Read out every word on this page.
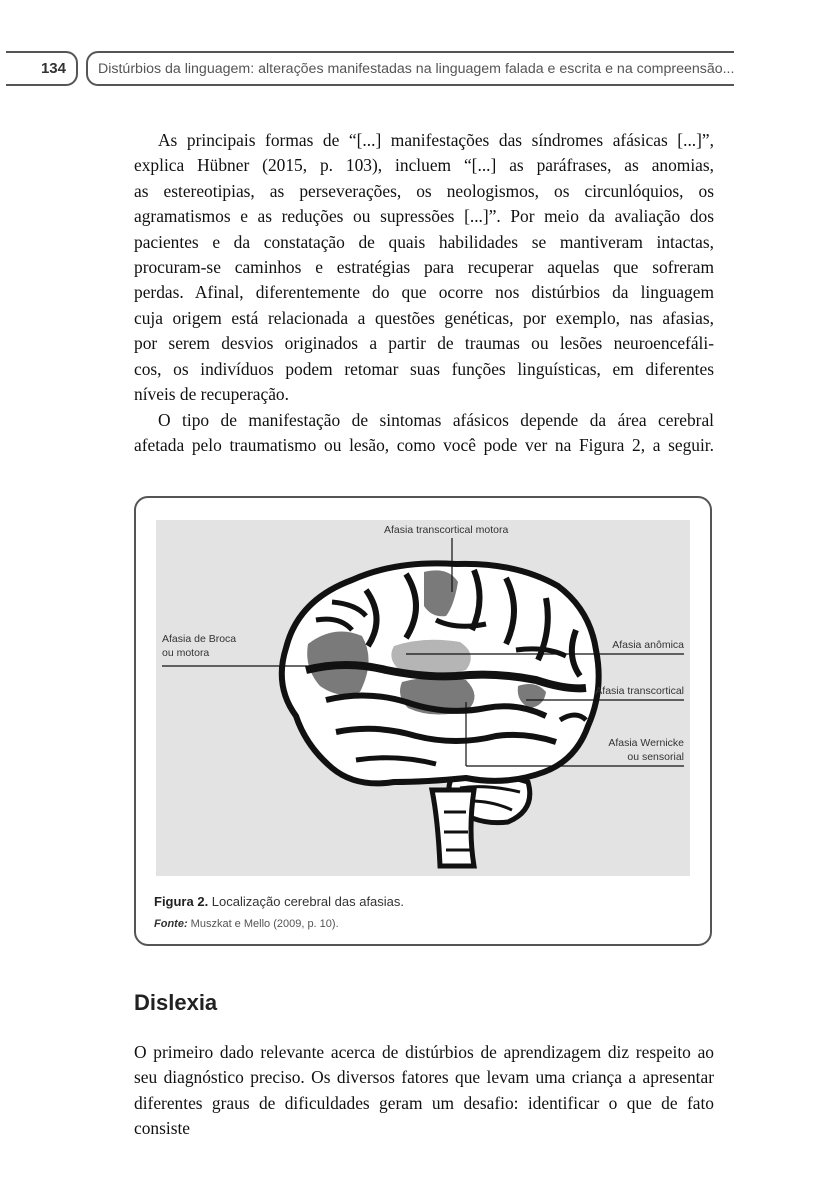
134	Distúrbios da linguagem: alterações manifestadas na linguagem falada e escrita e na compreensão...
As principais formas de “[...] manifestações das síndromes afásicas [...]”,
explica Hübner (2015, p. 103), incluem “[...] as paráfrases, as anomias,
as estereotipias, as perseverações, os neologismos, os circunlóquios, os
agramatismos e as reduções ou supressões [...]”. Por meio da avaliação dos
pacientes e da constatação de quais habilidades se mantiveram intactas,
procuram-se caminhos e estratégias para recuperar aquelas que sofreram
perdas. Afinal, diferentemente do que ocorre nos distúrbios da linguagem
cuja origem está relacionada a questões genéticas, por exemplo, nas afasias,
por serem desvios originados a partir de traumas ou lesões neuroencefáli-
cos, os indivíduos podem retomar suas funções linguísticas, em diferentes
níveis de recuperação.
O tipo de manifestação de sintomas afásicos depende da área cerebral
afetada pelo traumatismo ou lesão, como você pode ver na Figura 2, a seguir.
Afasia transcortical motora
Afasia de Broca
ou motora
Afasia anômica
Afasia transcortical
Afasia Wernicke
ou sensorial
Figura 2. Localização cerebral das afasias.
Fonte: Muszkat e Mello (2009, p. 10).
Dislexia
O primeiro dado relevante acerca de distúrbios de aprendizagem diz respeito ao
seu diagnóstico preciso. Os diversos fatores que levam uma criança a apresentar
diferentes graus de dificuldades geram um desafio: identificar o que de fato consiste
